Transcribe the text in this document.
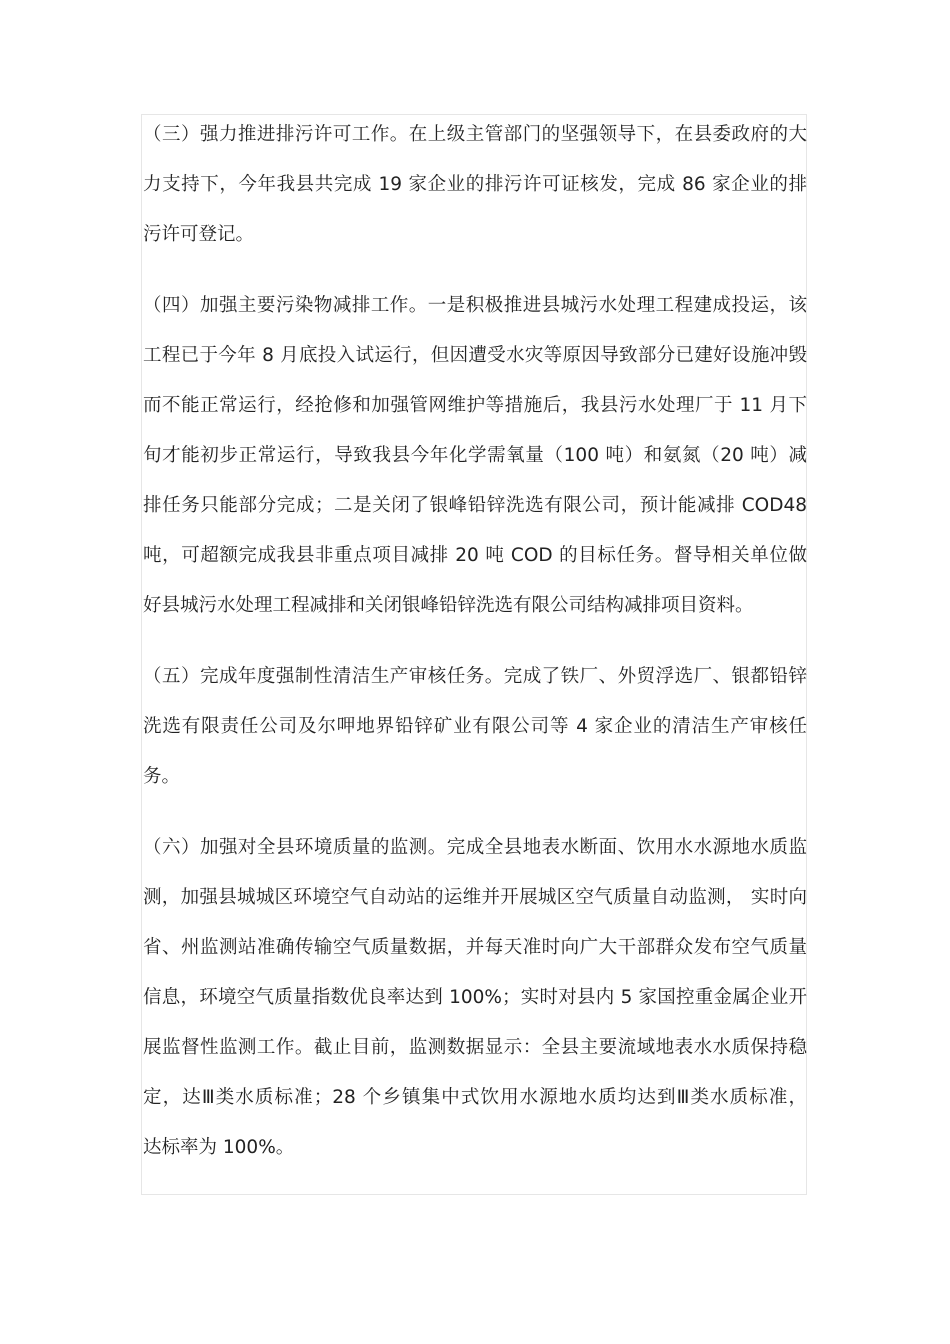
（三）强力推进排污许可工作。在上级主管部门的坚强领导下，在县委政府的大
力支持下，今年我县共完成 19 家企业的排污许可证核发，完成 86 家企业的排
污许可登记。
（四）加强主要污染物减排工作。一是积极推进县城污水处理工程建成投运，该
工程已于今年 8 月底投入试运行，但因遭受水灾等原因导致部分已建好设施冲毁
而不能正常运行，经抢修和加强管网维护等措施后，我县污水处理厂于 11 月下
旬才能初步正常运行，导致我县今年化学需氧量（100 吨）和氨氮（20 吨）减
排任务只能部分完成；二是关闭了银峰铅锌洗选有限公司，预计能减排 COD48
吨，可超额完成我县非重点项目减排 20 吨 COD 的目标任务。督导相关单位做
好县城污水处理工程减排和关闭银峰铅锌洗选有限公司结构减排项目资料。
（五）完成年度强制性清洁生产审核任务。完成了铁厂、外贸浮选厂、银都铅锌
洗选有限责任公司及尔呷地界铅锌矿业有限公司等 4 家企业的清洁生产审核任
务。
（六）加强对全县环境质量的监测。完成全县地表水断面、饮用水水源地水质监
测，加强县城城区环境空气自动站的运维并开展城区空气质量自动监测， 实时向
省、州监测站准确传输空气质量数据，并每天准时向广大干部群众发布空气质量
信息，环境空气质量指数优良率达到 100%；实时对县内 5 家国控重金属企业开
展监督性监测工作。截止目前，监测数据显示：全县主要流域地表水水质保持稳
定，达Ⅲ类水质标准；28 个乡镇集中式饮用水源地水质均达到Ⅲ类水质标准，
达标率为 100%。
